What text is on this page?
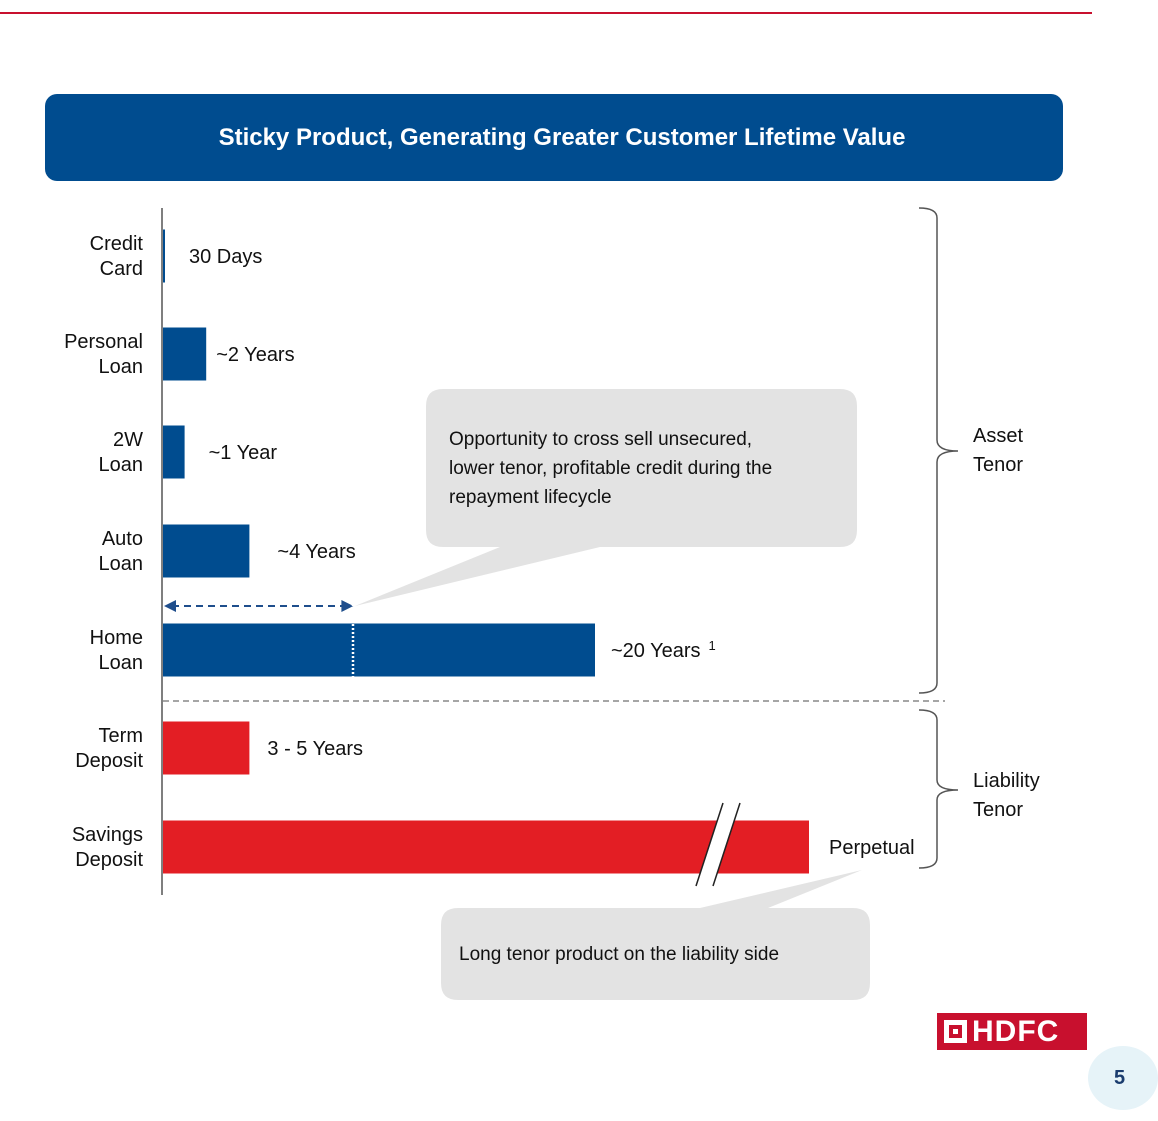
Sticky Product, Generating Greater Customer Lifetime Value
Opportunity to cross sell unsecured,
lower tenor, profitable credit during the
repayment lifecycle
Long tenor product on the liability side
Credit
Card
30 Days
Personal
Loan
~2 Years
2W
Loan
~1 Year
Auto
Loan
~4 Years
Home
Loan
~20 Years $^1$
Term
Deposit
3 - 5 Years
Savings
Deposit
Perpetual
Asset
Tenor
Liability
Tenor
HDFC
5
